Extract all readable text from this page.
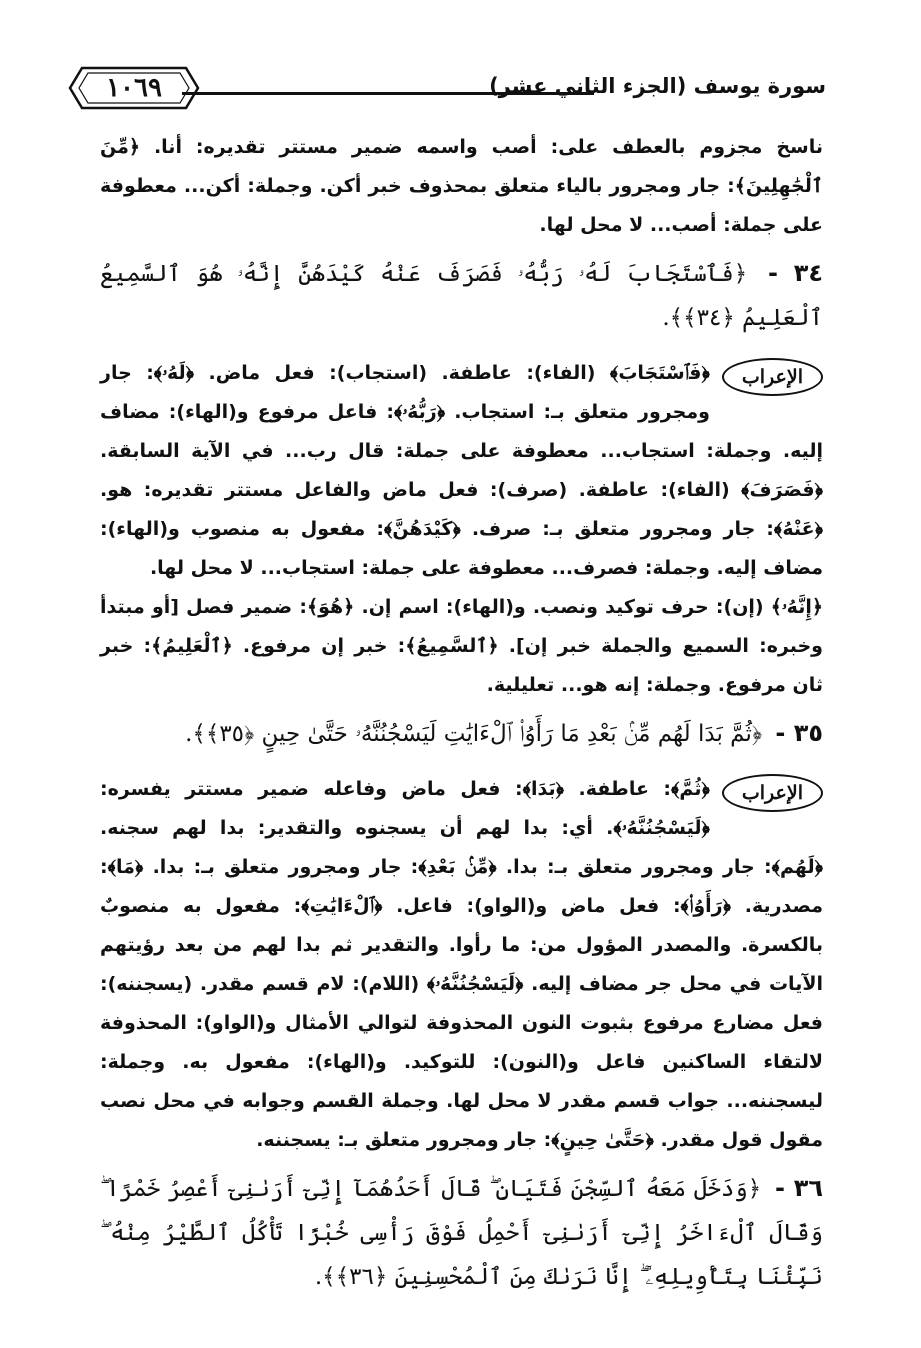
١٠٦٩	سورة يوسف (الجزء الثاني عشر)

ناسخ مجزوم بالعطف على: أصب واسمه ضمير مستتر تقديره: أنا. ﴿مِّنَ ٱلْجَٰهِلِينَ﴾: جار ومجرور بالياء متعلق بمحذوف خبر أكن. وجملة: أكن... معطوفة على جملة: أصب... لا محل لها.

٣٤ - ﴿فَٱسْتَجَابَ لَهُۥ رَبُّهُۥ فَصَرَفَ عَنْهُ كَيْدَهُنَّ إِنَّهُۥ هُوَ ٱلسَّمِيعُ ٱلْعَلِيمُ ﴿٣٤﴾﴾.

الإعراب
﴿فَٱسْتَجَابَ﴾ (الفاء): عاطفة. (استجاب): فعل ماض. ﴿لَهُۥ﴾: جار ومجرور متعلق بـ: استجاب. ﴿رَبُّهُۥ﴾: فاعل مرفوع و(الهاء): مضاف إليه. وجملة: استجاب... معطوفة على جملة: قال رب... في الآية السابقة. ﴿فَصَرَفَ﴾ (الفاء): عاطفة. (صرف): فعل ماض والفاعل مستتر تقديره: هو. ﴿عَنْهُ﴾: جار ومجرور متعلق بـ: صرف. ﴿كَيْدَهُنَّ﴾: مفعول به منصوب و(الهاء): مضاف إليه. وجملة: فصرف... معطوفة على جملة: استجاب... لا محل لها.

﴿إِنَّهُۥ﴾ (إن): حرف توكيد ونصب. و(الهاء): اسم إن. ﴿هُوَ﴾: ضمير فصل [أو مبتدأ وخبره: السميع والجملة خبر إن]. ﴿ٱلسَّمِيعُ﴾: خبر إن مرفوع. ﴿ٱلْعَلِيمُ﴾: خبر ثان مرفوع. وجملة: إنه هو... تعليلية.

٣٥ - ﴿ثُمَّ بَدَا لَهُم مِّنۢ بَعْدِ مَا رَأَوُا۟ ٱلْءَايَٰتِ لَيَسْجُنُنَّهُۥ حَتَّىٰ حِينٍ ﴿٣٥﴾﴾.

الإعراب
﴿ثُمَّ﴾: عاطفة. ﴿بَدَا﴾: فعل ماض وفاعله ضمير مستتر يفسره: ﴿لَيَسْجُنُنَّهُۥ﴾. أي: بدا لهم أن يسجنوه والتقدير: بدا لهم سجنه. ﴿لَهُم﴾: جار ومجرور متعلق بـ: بدا. ﴿مِّنۢ بَعْدِ﴾: جار ومجرور متعلق بـ: بدا. ﴿مَا﴾: مصدرية. ﴿رَأَوُا۟﴾: فعل ماض و(الواو): فاعل. ﴿ٱلْءَايَٰتِ﴾: مفعول به منصوبٌ بالكسرة. والمصدر المؤول من: ما رأوا. والتقدير ثم بدا لهم من بعد رؤيتهم الآيات في محل جر مضاف إليه. ﴿لَيَسْجُنُنَّهُۥ﴾ (اللام): لام قسم مقدر. (يسجننه): فعل مضارع مرفوع بثبوت النون المحذوفة لتوالي الأمثال و(الواو): المحذوفة لالتقاء الساكنين فاعل و(النون): للتوكيد. و(الهاء): مفعول به. وجملة: ليسجننه... جواب قسم مقدر لا محل لها. وجملة القسم وجوابه في محل نصب مقول قول مقدر. ﴿حَتَّىٰ حِينٍ﴾: جار ومجرور متعلق بـ: يسجننه.

٣٦ - ﴿وَدَخَلَ مَعَهُ ٱلسِّجْنَ فَتَيَانِ ۖ قَالَ أَحَدُهُمَآ إِنِّىٓ أَرَىٰنِىٓ أَعْصِرُ خَمْرًا ۖ وَقَالَ ٱلْءَاخَرُ إِنِّىٓ أَرَىٰنِىٓ أَحْمِلُ فَوْقَ رَأْسِى خُبْزًا تَأْكُلُ ٱلطَّيْرُ مِنْهُ ۖ نَبِّئْنَا بِتَأْوِيلِهِۦٓ ۖ إِنَّا نَرَىٰكَ مِنَ ٱلْمُحْسِنِينَ ﴿٣٦﴾﴾.
